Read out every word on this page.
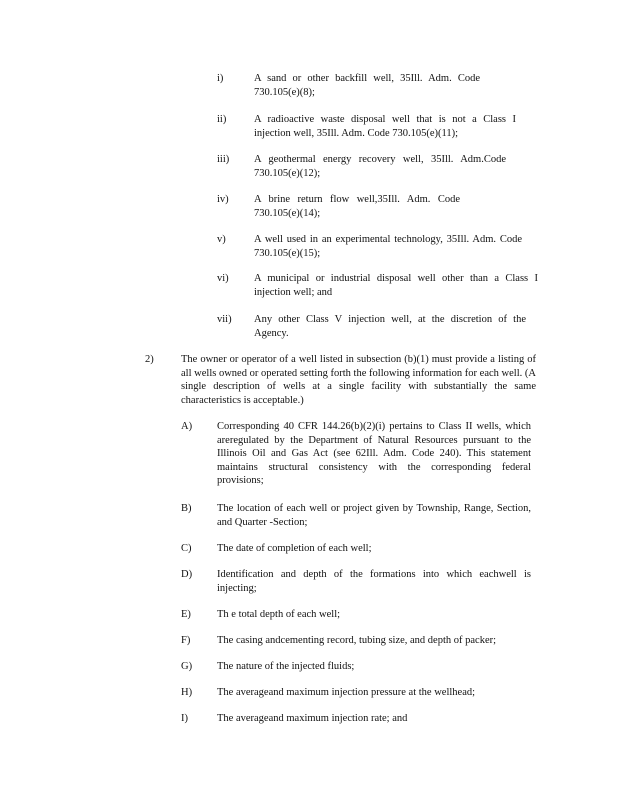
i)	A sand or other backfill well, 35Ill. Adm. Code 730.105(e)(8);
ii)	A radioactive waste disposal well that is not a Class I injection well, 35Ill. Adm. Code 730.105(e)(11);
iii) A geothermal energy recovery well, 35Ill. Adm.Code 730.105(e)(12);
iv) A brine return flow well,35Ill. Adm. Code 730.105(e)(14);
v)	A well used in an experimental technology, 35Ill. Adm. Code 730.105(e)(15);
vi) A municipal or industrial disposal well other than a Class I injection well; and
vii) Any other Class V injection well, at the discretion of the Agency.
2)	The owner or operator of a well listed in subsection (b)(1) must provide a listing of all wells owned or operated setting forth the following information for each well. (A single description of wells at a single facility with substantially the same characteristics is acceptable.)
A) Corresponding 40 CFR 144.26(b)(2)(i) pertains to Class II wells, which areregulated by the Department of Natural Resources pursuant to the Illinois Oil and Gas Act (see 62Ill. Adm. Code 240). This statement maintains structural consistency with the corresponding federal provisions;
B) The location of each well or project given by Township, Range, Section, and Quarter -Section;
C) The date of completion of each well;
D) Identification and depth of the formations into which eachwell is injecting;
E) Th e total depth of each well;
F)	The casing andcementing record, tubing size, and depth of packer;
G) The nature of the injected fluids;
H) The averageand maximum injection pressure at the wellhead;
I)	The averageand maximum injection rate; and
